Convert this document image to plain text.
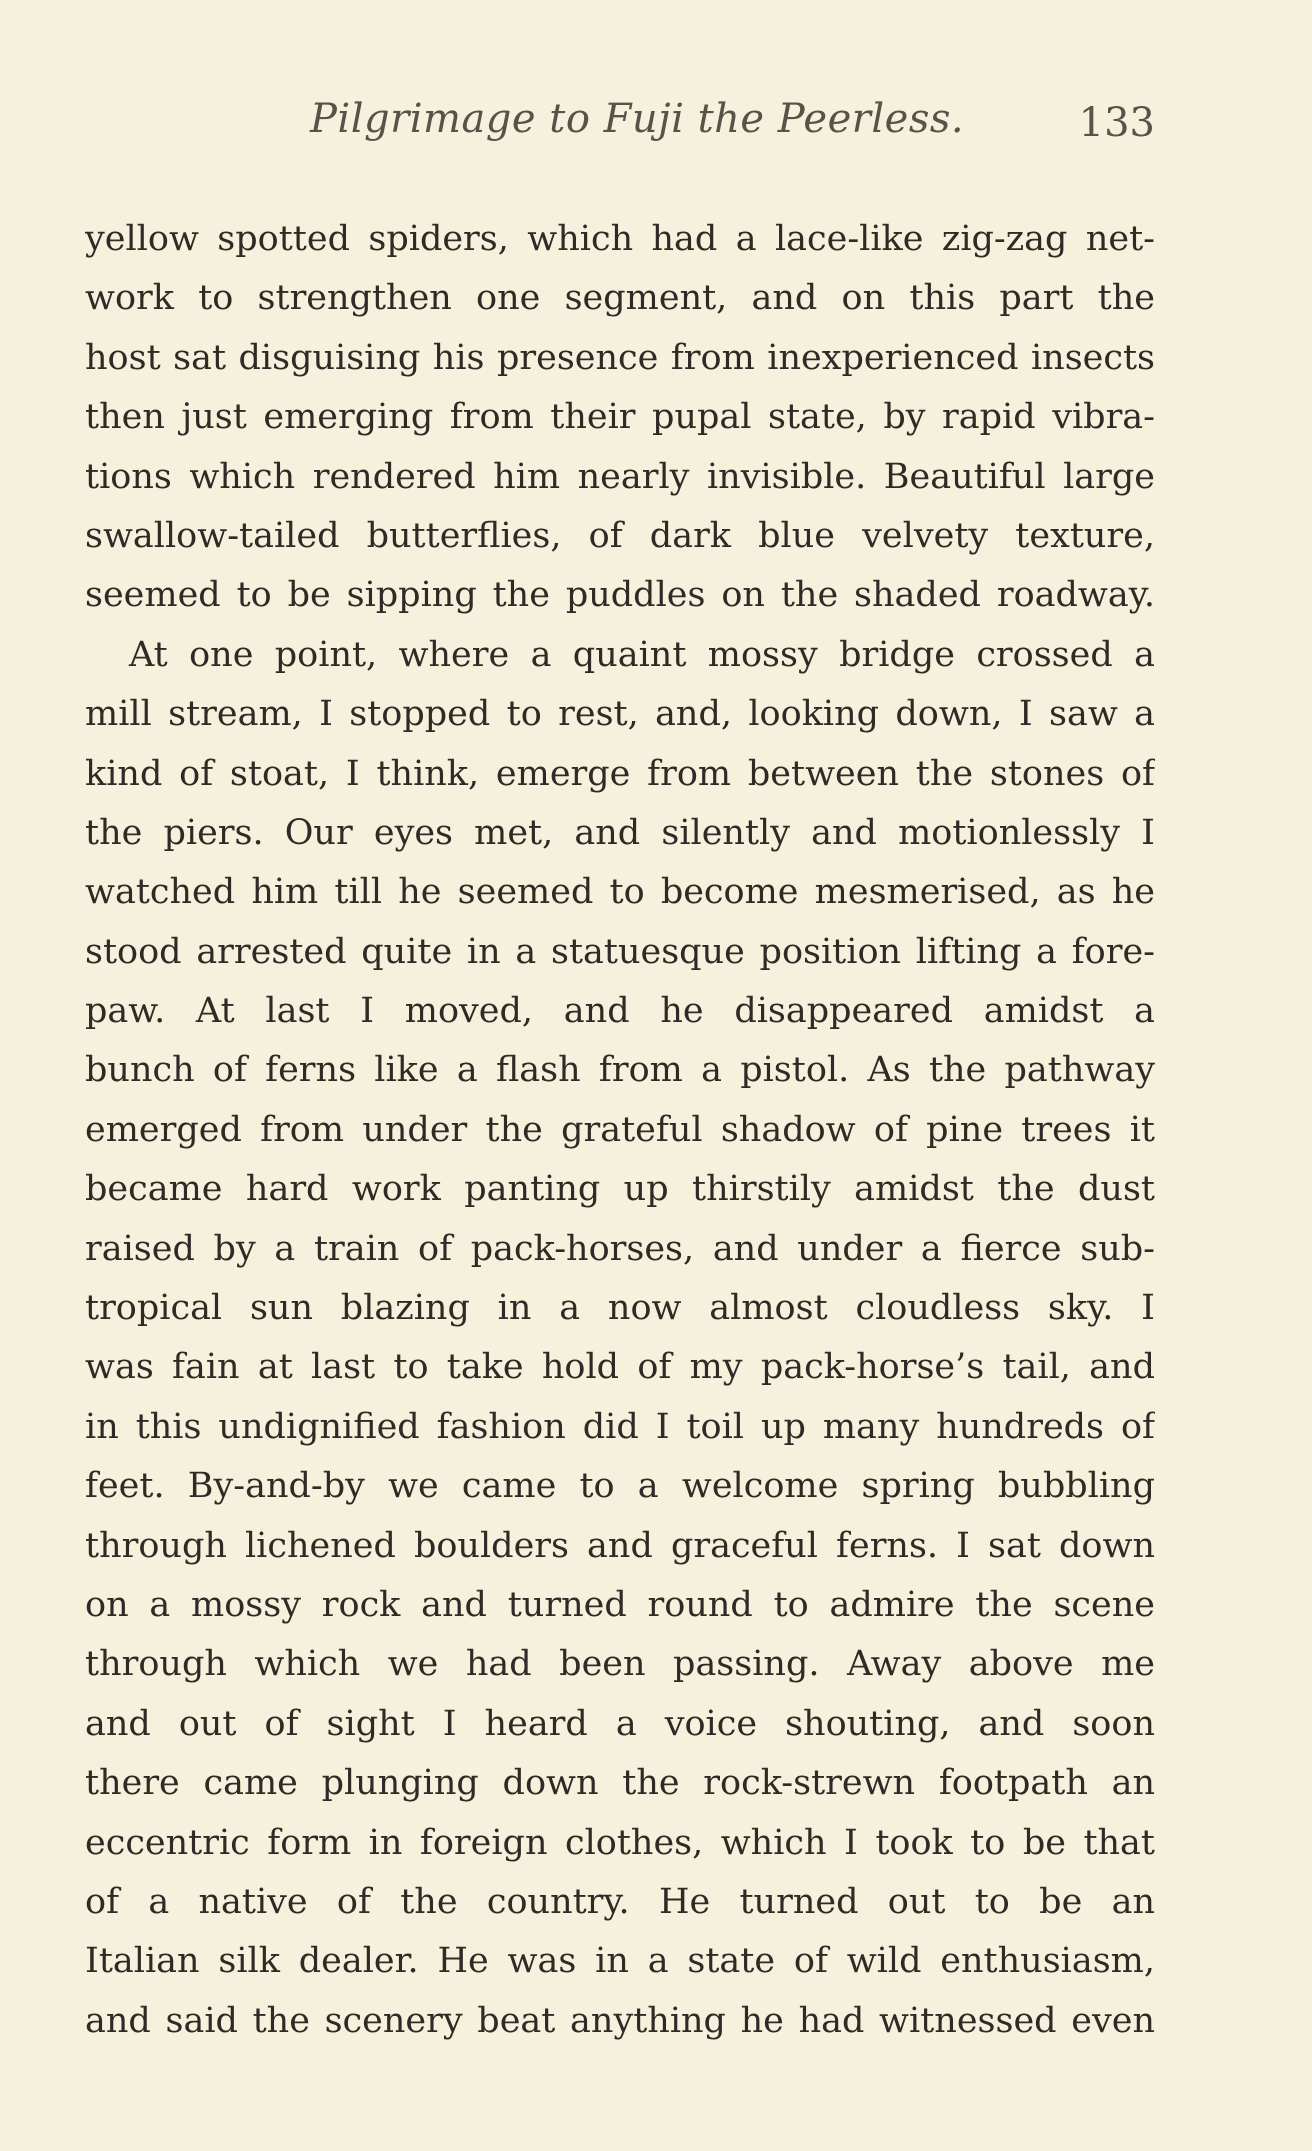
Pilgrimage to Fuji the Peerless.	133
yellow spotted spiders, which had a lace-like zig-zag net-
work to strengthen one segment, and on this part the
host sat disguising his presence from inexperienced insects
then just emerging from their pupal state, by rapid vibra-
tions which rendered him nearly invisible. Beautiful large
swallow-tailed butterflies, of dark blue velvety texture,
seemed to be sipping the puddles on the shaded roadway.
At one point, where a quaint mossy bridge crossed a
mill stream, I stopped to rest, and, looking down, I saw a
kind of stoat, I think, emerge from between the stones of
the piers. Our eyes met, and silently and motionlessly I
watched him till he seemed to become mesmerised, as he
stood arrested quite in a statuesque position lifting a fore-
paw. At last I moved, and he disappeared amidst a
bunch of ferns like a flash from a pistol. As the pathway
emerged from under the grateful shadow of pine trees it
became hard work panting up thirstily amidst the dust
raised by a train of pack-horses, and under a fierce sub-
tropical sun blazing in a now almost cloudless sky. I
was fain at last to take hold of my pack-horse’s tail, and
in this undignified fashion did I toil up many hundreds of
feet. By-and-by we came to a welcome spring bubbling
through lichened boulders and graceful ferns. I sat down
on a mossy rock and turned round to admire the scene
through which we had been passing. Away above me
and out of sight I heard a voice shouting, and soon
there came plunging down the rock-strewn footpath an
eccentric form in foreign clothes, which I took to be that
of a native of the country. He turned out to be an
Italian silk dealer. He was in a state of wild enthusiasm,
and said the scenery beat anything he had witnessed even
